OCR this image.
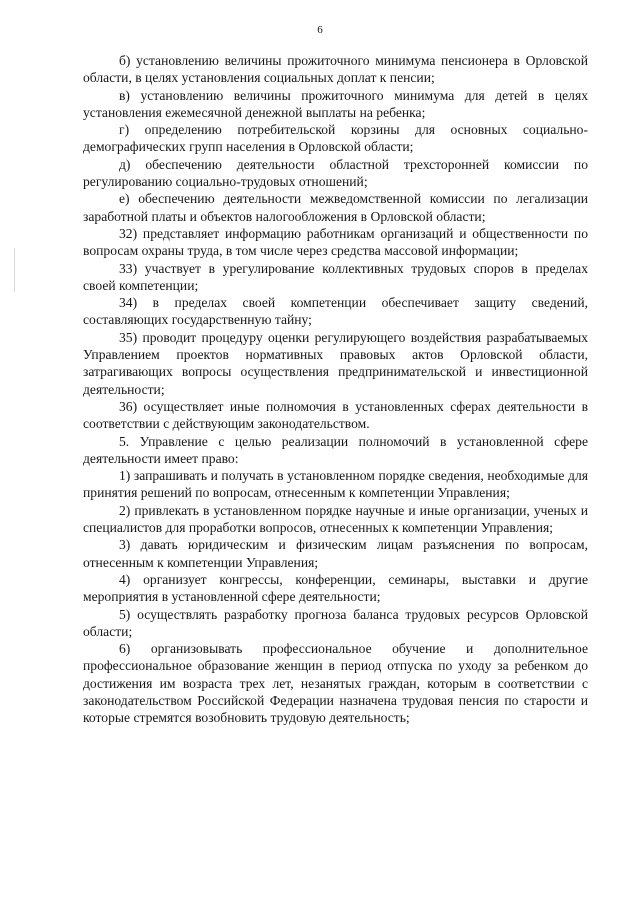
6

б) установлению величины прожиточного минимума пенсионера в Орловской области, в целях установления социальных доплат к пенсии;

в) установлению величины прожиточного минимума для детей в целях установления ежемесячной денежной выплаты на ребенка;

г) определению потребительской корзины для основных социально-демографических групп населения в Орловской области;

д) обеспечению деятельности областной трехсторонней комиссии по регулированию социально-трудовых отношений;

е) обеспечению деятельности межведомственной комиссии по легализации заработной платы и объектов налогообложения в Орловской области;

32) представляет информацию работникам организаций и общественности по вопросам охраны труда, в том числе через средства массовой информации;

33) участвует в урегулирование коллективных трудовых споров в пределах своей компетенции;

34) в пределах своей компетенции обеспечивает защиту сведений, составляющих государственную тайну;

35) проводит процедуру оценки регулирующего воздействия разрабатываемых Управлением проектов нормативных правовых актов Орловской области, затрагивающих вопросы осуществления предпринимательской и инвестиционной деятельности;

36) осуществляет иные полномочия в установленных сферах деятельности в соответствии с действующим законодательством.

5. Управление с целью реализации полномочий в установленной сфере деятельности имеет право:

1) запрашивать и получать в установленном порядке сведения, необходимые для принятия решений по вопросам, отнесенным к компетенции Управления;

2) привлекать в установленном порядке научные и иные организации, ученых и специалистов для проработки вопросов, отнесенных к компетенции Управления;

3) давать юридическим и физическим лицам разъяснения по вопросам, отнесенным к компетенции Управления;

4) организует конгрессы, конференции, семинары, выставки и другие мероприятия в установленной сфере деятельности;

5) осуществлять разработку прогноза баланса трудовых ресурсов Орловской области;

6) организовывать профессиональное обучение и дополнительное профессиональное образование женщин в период отпуска по уходу за ребенком до достижения им возраста трех лет, незанятых граждан, которым в соответствии с законодательством Российской Федерации назначена трудовая пенсия по старости и которые стремятся возобновить трудовую деятельность;
